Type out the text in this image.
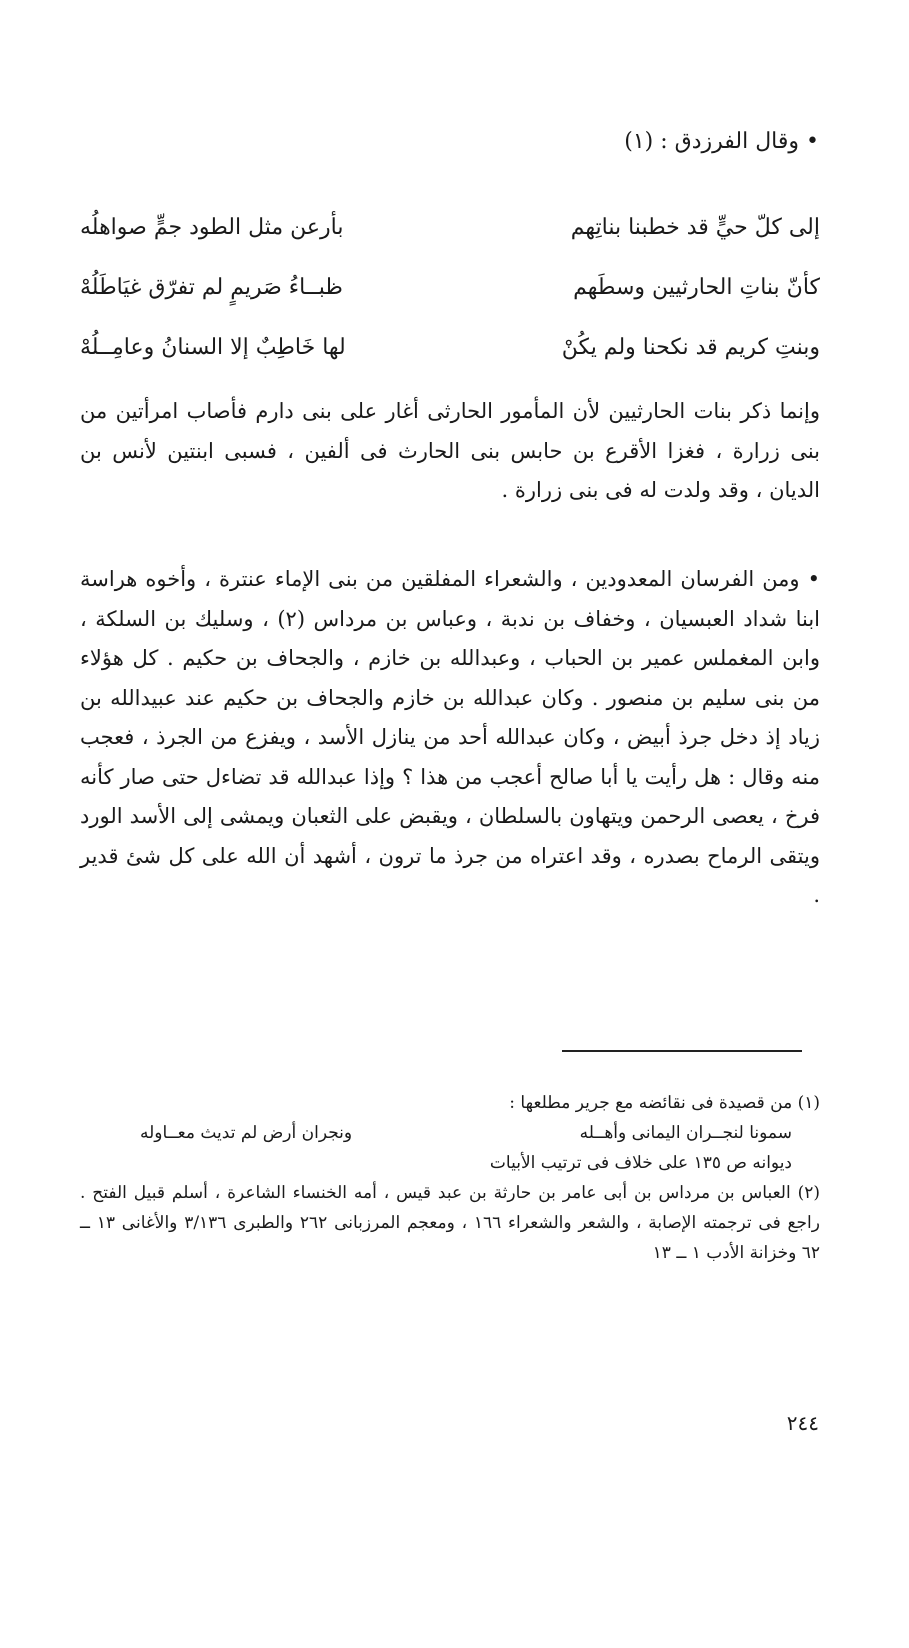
• وقال الفرزدق : (١)
إلى كلّ حيٍّ قد خطبنا بناتِهم
بأرعن مثل الطود جمٍّ صواهلُه
كأنّ بناتِ الحارثيين وسطَهم
ظبــاءُ صَريمٍ لم تفرّق غيَاطَلُهْ
وبنتِ كريم قد نكحنا ولم يكُنْ
لها خَاطِبٌ إلا السنانُ وعامِــلُهْ
وإنما ذكر بنات الحارثيين لأن المأمور الحارثى أغار على بنى دارم فأصاب امرأتين من بنى زرارة ، فغزا الأقرع بن حابس بنى الحارث فى ألفين ، فسبى ابنتين لأنس بن الديان ، وقد ولدت له فى بنى زرارة .
• ومن الفرسان المعدودين ، والشعراء المفلقين من بنى الإماء عنترة ، وأخوه هراسة ابنا شداد العبسيان ، وخفاف بن ندبة ، وعباس بن مرداس (٢) ، وسليك بن السلكة ، وابن المغملس عمير بن الحباب ، وعبدالله بن خازم ، والجحاف بن حكيم . كل هؤلاء من بنى سليم بن منصور . وكان عبدالله بن خازم والجحاف بن حكيم عند عبيدالله بن زياد إذ دخل جرذ أبيض ، وكان عبدالله أحد من ينازل الأسد ، ويفزع من الجرذ ، فعجب منه وقال : هل رأيت يا أبا صالح أعجب من هذا ؟ وإذا عبدالله قد تضاءل حتى صار كأنه فرخ ، يعصى الرحمن ويتهاون بالسلطان ، ويقبض على الثعبان ويمشى إلى الأسد الورد ويتقى الرماح بصدره ، وقد اعتراه من جرذ ما ترون ، أشهد أن الله على كل شئ قدير .
(١) من قصيدة فى نقائضه مع جرير مطلعها :
سمونا لنجــران اليمانى وأهــله
ونجران أرض لم تديث معــاوله
ديوانه ص ١٣٥ على خلاف فى ترتيب الأبيات
(٢) العباس بن مرداس بن أبى عامر بن حارثة بن عبد قيس ، أمه الخنساء الشاعرة ، أسلم قبيل الفتح . راجع فى ترجمته الإصابة ، والشعر والشعراء ١٦٦ ، ومعجم المرزبانى ٢٦٢ والطبرى ٣/١٣٦ والأغانى ١٣ ــ ٦٢ وخزانة الأدب ١ ــ ١٣
٢٤٤
